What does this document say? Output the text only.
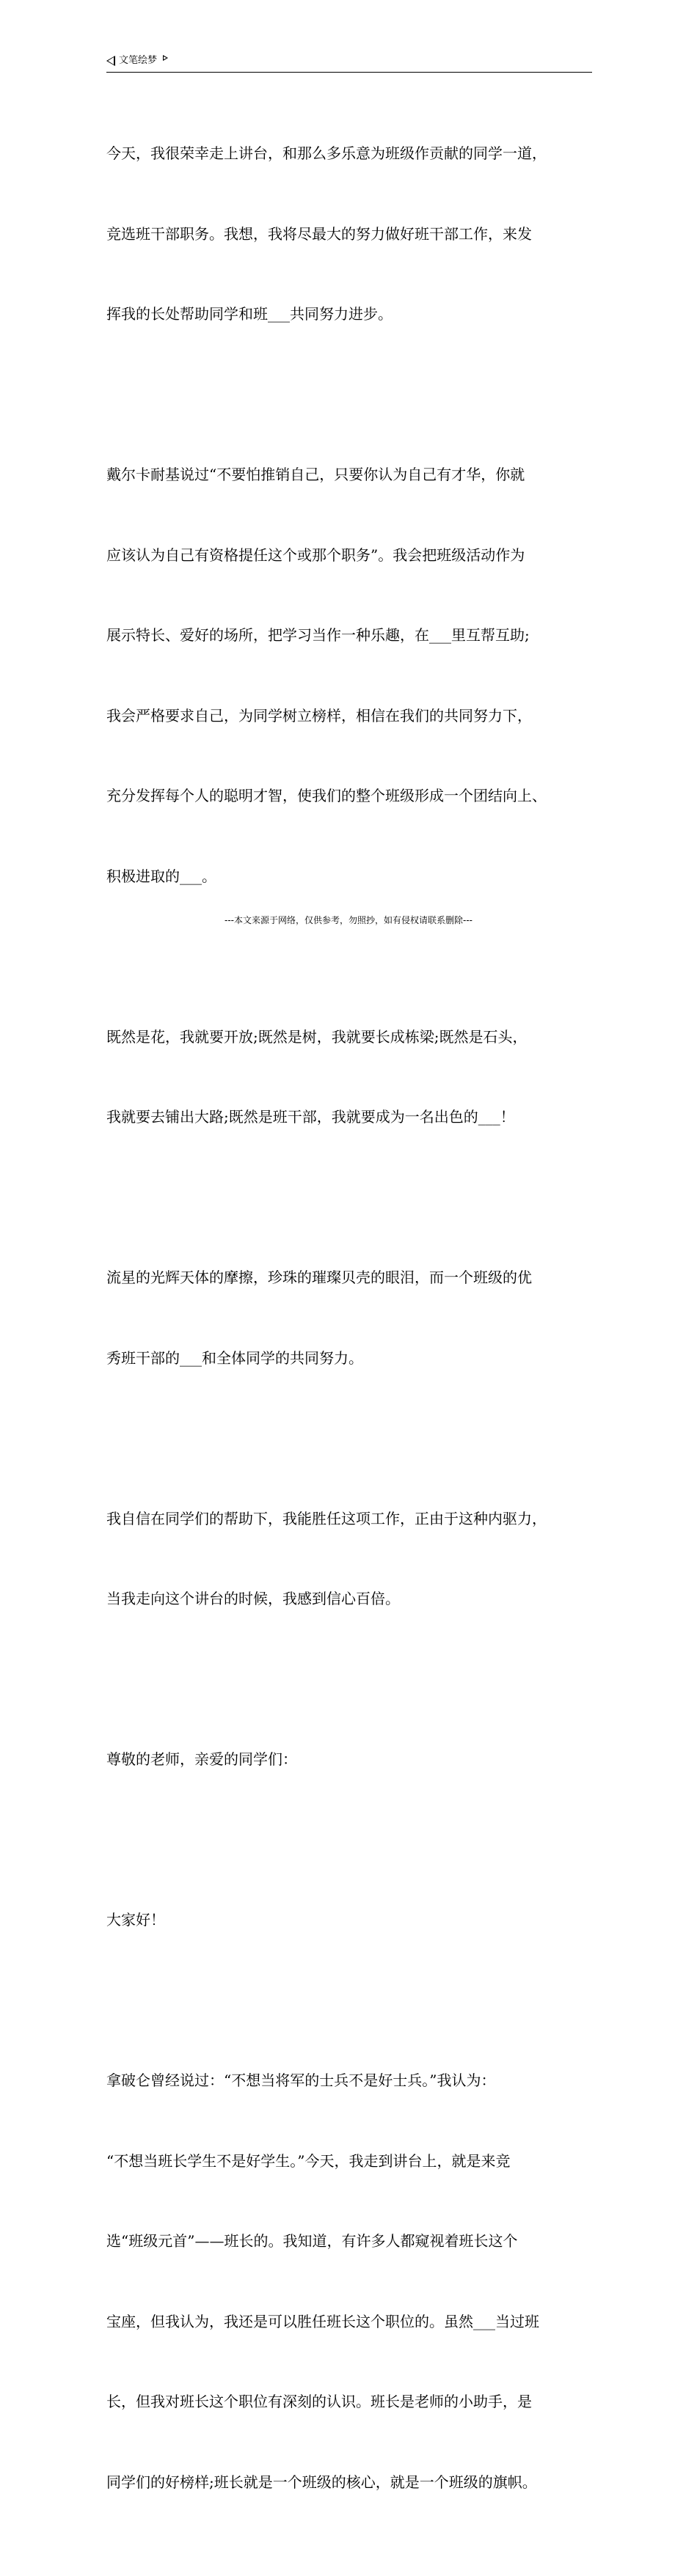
文笔绘梦

今天，我很荣幸走上讲台，和那么多乐意为班级作贡献的同学一道，

竞选班干部职务。我想，我将尽最大的努力做好班干部工作，来发

挥我的长处帮助同学和班___共同努力进步。

戴尔卡耐基说过“不要怕推销自己，只要你认为自己有才华，你就

应该认为自己有资格提任这个或那个职务”。我会把班级活动作为

展示特长、爱好的场所，把学习当作一种乐趣，在___里互帮互助;

我会严格要求自己，为同学树立榜样，相信在我们的共同努力下，

充分发挥每个人的聪明才智，使我们的整个班级形成一个团结向上、

积极进取的___。

既然是花，我就要开放;既然是树，我就要长成栋梁;既然是石头，

我就要去铺出大路;既然是班干部，我就要成为一名出色的___！

流星的光辉天体的摩擦，珍珠的璀璨贝壳的眼泪，而一个班级的优

秀班干部的___和全体同学的共同努力。

我自信在同学们的帮助下，我能胜任这项工作，正由于这种内驱力，

当我走向这个讲台的时候，我感到信心百倍。

尊敬的老师，亲爱的同学们：

大家好！

拿破仑曾经说过：“不想当将军的士兵不是好士兵。”我认为：

“不想当班长学生不是好学生。”今天，我走到讲台上，就是来竞

选“班级元首”——班长的。我知道，有许多人都窥视着班长这个

宝座，但我认为，我还是可以胜任班长这个职位的。虽然___当过班

长，但我对班长这个职位有深刻的认识。班长是老师的小助手，是

同学们的好榜样;班长就是一个班级的核心，就是一个班级的旗帜。

---本文来源于网络，仅供参考，勿照抄，如有侵权请联系删除---
